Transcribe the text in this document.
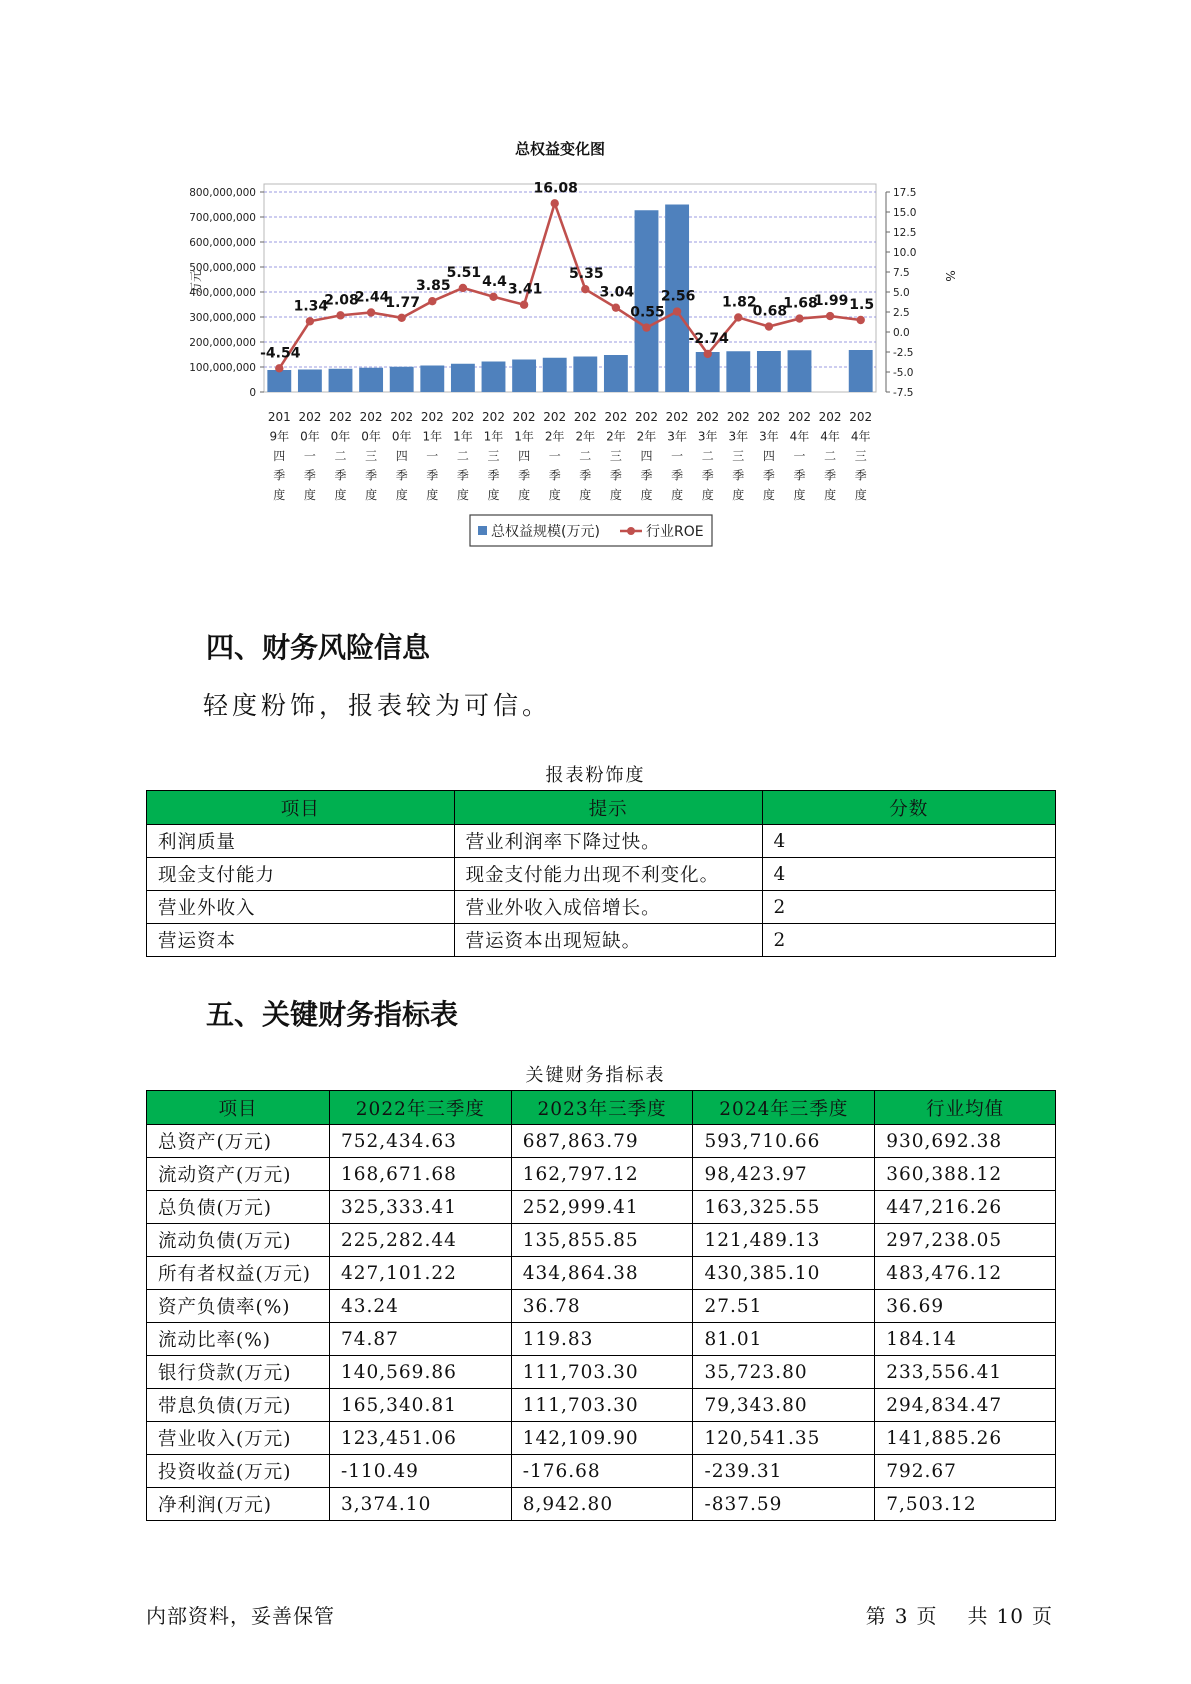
总权益变化图
0
100,000,000
200,000,000
300,000,000
400,000,000
500,000,000
600,000,000
700,000,000
800,000,000
-7.5
-5.0
-2.5
0.0
2.5
5.0
7.5
10.0
12.5
15.0
17.5
万元	%
201
9年
四
季
度
202
0年
一
季
度
202
0年
二
季
度
202
0年
三
季
度
202
0年
四
季
度
202
1年
一
季
度
202
1年
二
季
度
202
1年
三
季
度
202
1年
四
季
度
202
2年
一
季
度
202
2年
二
季
度
202
2年
三
季
度
202
2年
四
季
度
202
3年
一
季
度
202
3年
二
季
度
202
3年
三
季
度
202
3年
四
季
度
202
4年
一
季
度
202
4年
二
季
度
202
4年
三
季
度
-4.54
1.34
2.08
2.44
1.77
3.85
5.51
4.4 3.41
16.08
5.35
3.04
0.55
2.56
-2.74
1.82
0.68
1.68
1.99 1.5
总权益规模(万元)	行业ROE
四、财务风险信息
轻度粉饰，报表较为可信。
报表粉饰度
项目	提示	分数
利润质量	营业利润率下降过快。	4
现金支付能力	现金支付能力出现不利变化。	4
营业外收入	营业外收入成倍增长。	2
营运资本	营运资本出现短缺。	2
五、关键财务指标表
关键财务指标表
项目	2022年三季度	2023年三季度	2024年三季度	行业均值
总资产(万元)	752,434.63	687,863.79	593,710.66	930,692.38
流动资产(万元)	168,671.68	162,797.12	98,423.97	360,388.12
总负债(万元)	325,333.41	252,999.41	163,325.55	447,216.26
流动负债(万元)	225,282.44	135,855.85	121,489.13	297,238.05
所有者权益(万元)	427,101.22	434,864.38	430,385.10	483,476.12
资产负债率(%)	43.24	36.78	27.51	36.69
流动比率(%)	74.87	119.83	81.01	184.14
银行贷款(万元)	140,569.86	111,703.30	35,723.80	233,556.41
带息负债(万元)	165,340.81	111,703.30	79,343.80	294,834.47
营业收入(万元)	123,451.06	142,109.90	120,541.35	141,885.26
投资收益(万元)	-110.49	-176.68	-239.31	792.67
净利润(万元)	3,374.10	8,942.80	-837.59	7,503.12
内部资料，妥善保管	第 3 页 共 10 页
